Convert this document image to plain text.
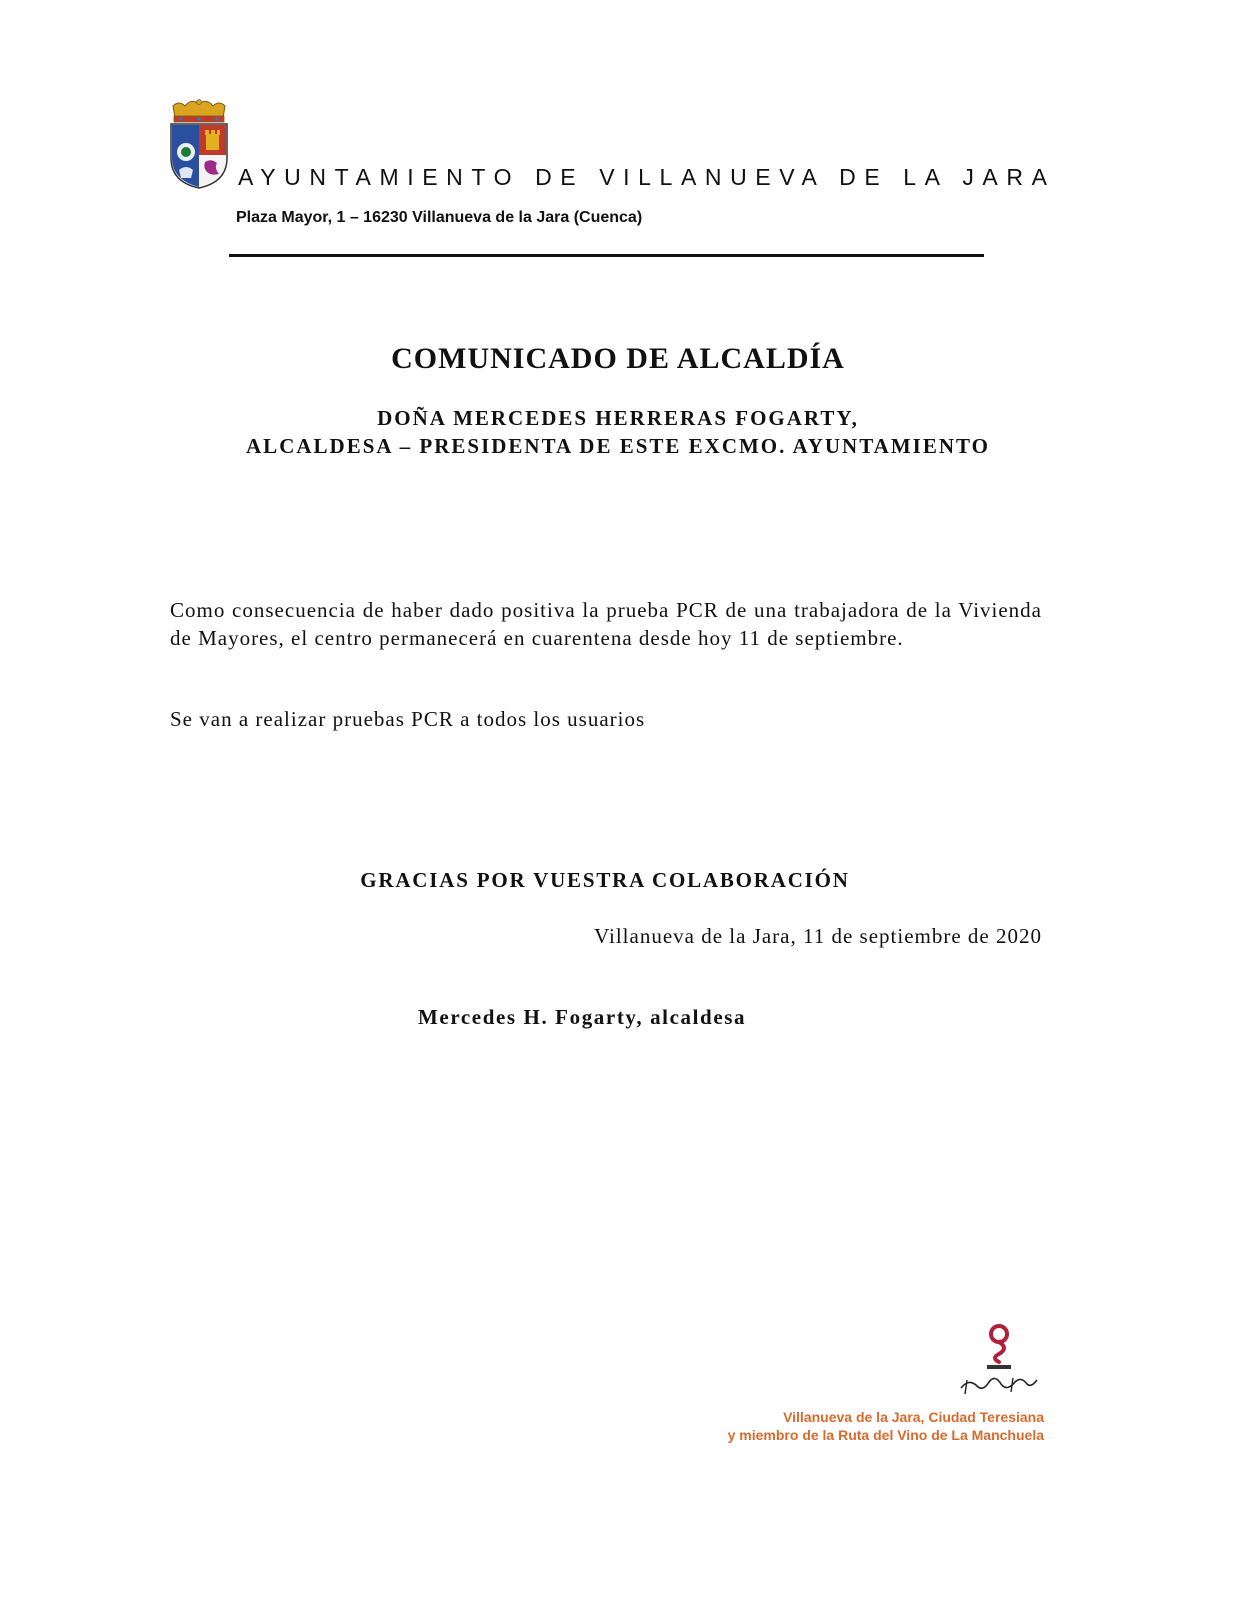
AYUNTAMIENTO DE VILLANUEVA DE LA JARA
Plaza Mayor, 1 – 16230 Villanueva de la Jara (Cuenca)
COMUNICADO DE ALCALDÍA
DOÑA MERCEDES HERRERAS FOGARTY,
ALCALDESA – PRESIDENTA DE ESTE EXCMO. AYUNTAMIENTO
Como consecuencia de haber dado positiva la prueba PCR de una trabajadora de la Vivienda de Mayores, el centro permanecerá en cuarentena desde hoy 11 de septiembre.
Se van a realizar pruebas PCR a todos los usuarios
GRACIAS POR VUESTRA COLABORACIÓN
Villanueva de la Jara, 11 de septiembre de 2020
Mercedes H. Fogarty, alcaldesa
Villanueva de la Jara, Ciudad Teresiana
y miembro de la Ruta del Vino de La Manchuela
